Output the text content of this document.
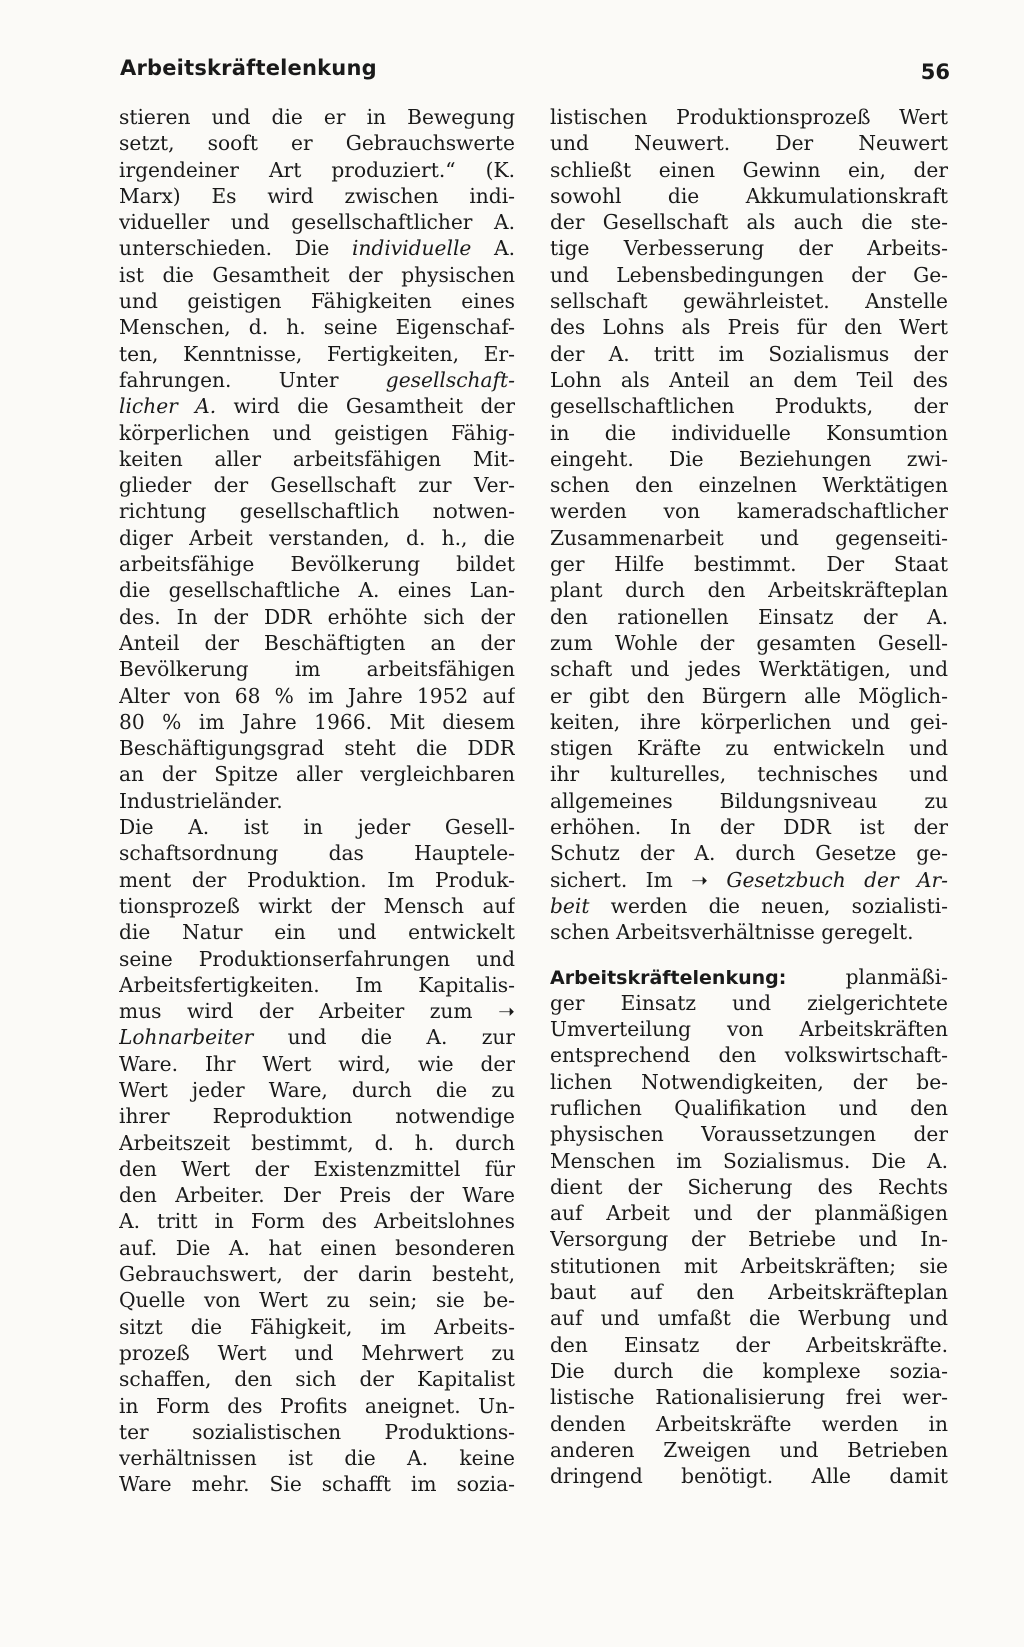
Arbeitskräftelenkung	56
stieren und die er in Bewegung
setzt, sooft er Gebrauchswerte
irgendeiner Art produziert.“ (K.
Marx) Es wird zwischen indi-
vidueller und gesellschaftlicher A.
unterschieden. Die individuelle A.
ist die Gesamtheit der physischen
und geistigen Fähigkeiten eines
Menschen, d. h. seine Eigenschaf-
ten, Kenntnisse, Fertigkeiten, Er-
fahrungen. Unter gesellschaft-
licher A. wird die Gesamtheit der
körperlichen und geistigen Fähig-
keiten aller arbeitsfähigen Mit-
glieder der Gesellschaft zur Ver-
richtung gesellschaftlich notwen-
diger Arbeit verstanden, d. h., die
arbeitsfähige Bevölkerung bildet
die gesellschaftliche A. eines Lan-
des. In der DDR erhöhte sich der
Anteil der Beschäftigten an der
Bevölkerung im arbeitsfähigen
Alter von 68 % im Jahre 1952 auf
80 % im Jahre 1966. Mit diesem
Beschäftigungsgrad steht die DDR
an der Spitze aller vergleichbaren
Industrieländer.
Die A. ist in jeder Gesell-
schaftsordnung das Hauptele-
ment der Produktion. Im Produk-
tionsprozeß wirkt der Mensch auf
die Natur ein und entwickelt
seine Produktionserfahrungen und
Arbeitsfertigkeiten. Im Kapitalis-
mus wird der Arbeiter zum ➝
Lohnarbeiter und die A. zur
Ware. Ihr Wert wird, wie der
Wert jeder Ware, durch die zu
ihrer Reproduktion notwendige
Arbeitszeit bestimmt, d. h. durch
den Wert der Existenzmittel für
den Arbeiter. Der Preis der Ware
A. tritt in Form des Arbeitslohnes
auf. Die A. hat einen besonderen
Gebrauchswert, der darin besteht,
Quelle von Wert zu sein; sie be-
sitzt die Fähigkeit, im Arbeits-
prozeß Wert und Mehrwert zu
schaffen, den sich der Kapitalist
in Form des Profits aneignet. Un-
ter sozialistischen Produktions-
verhältnissen ist die A. keine
Ware mehr. Sie schafft im sozia-
listischen Produktionsprozeß Wert
und Neuwert. Der Neuwert
schließt einen Gewinn ein, der
sowohl die Akkumulationskraft
der Gesellschaft als auch die ste-
tige Verbesserung der Arbeits-
und Lebensbedingungen der Ge-
sellschaft gewährleistet. Anstelle
des Lohns als Preis für den Wert
der A. tritt im Sozialismus der
Lohn als Anteil an dem Teil des
gesellschaftlichen Produkts, der
in die individuelle Konsumtion
eingeht. Die Beziehungen zwi-
schen den einzelnen Werktätigen
werden von kameradschaftlicher
Zusammenarbeit und gegenseiti-
ger Hilfe bestimmt. Der Staat
plant durch den Arbeitskräfteplan
den rationellen Einsatz der A.
zum Wohle der gesamten Gesell-
schaft und jedes Werktätigen, und
er gibt den Bürgern alle Möglich-
keiten, ihre körperlichen und gei-
stigen Kräfte zu entwickeln und
ihr kulturelles, technisches und
allgemeines Bildungsniveau zu
erhöhen. In der DDR ist der
Schutz der A. durch Gesetze ge-
sichert. Im ➝ Gesetzbuch der Ar-
beit werden die neuen, sozialisti-
schen Arbeitsverhältnisse geregelt.
Arbeitskräftelenkung: planmäßi-
ger Einsatz und zielgerichtete
Umverteilung von Arbeitskräften
entsprechend den volkswirtschaft-
lichen Notwendigkeiten, der be-
ruflichen Qualifikation und den
physischen Voraussetzungen der
Menschen im Sozialismus. Die A.
dient der Sicherung des Rechts
auf Arbeit und der planmäßigen
Versorgung der Betriebe und In-
stitutionen mit Arbeitskräften; sie
baut auf den Arbeitskräfteplan
auf und umfaßt die Werbung und
den Einsatz der Arbeitskräfte.
Die durch die komplexe sozia-
listische Rationalisierung frei wer-
denden Arbeitskräfte werden in
anderen Zweigen und Betrieben
dringend benötigt. Alle damit
